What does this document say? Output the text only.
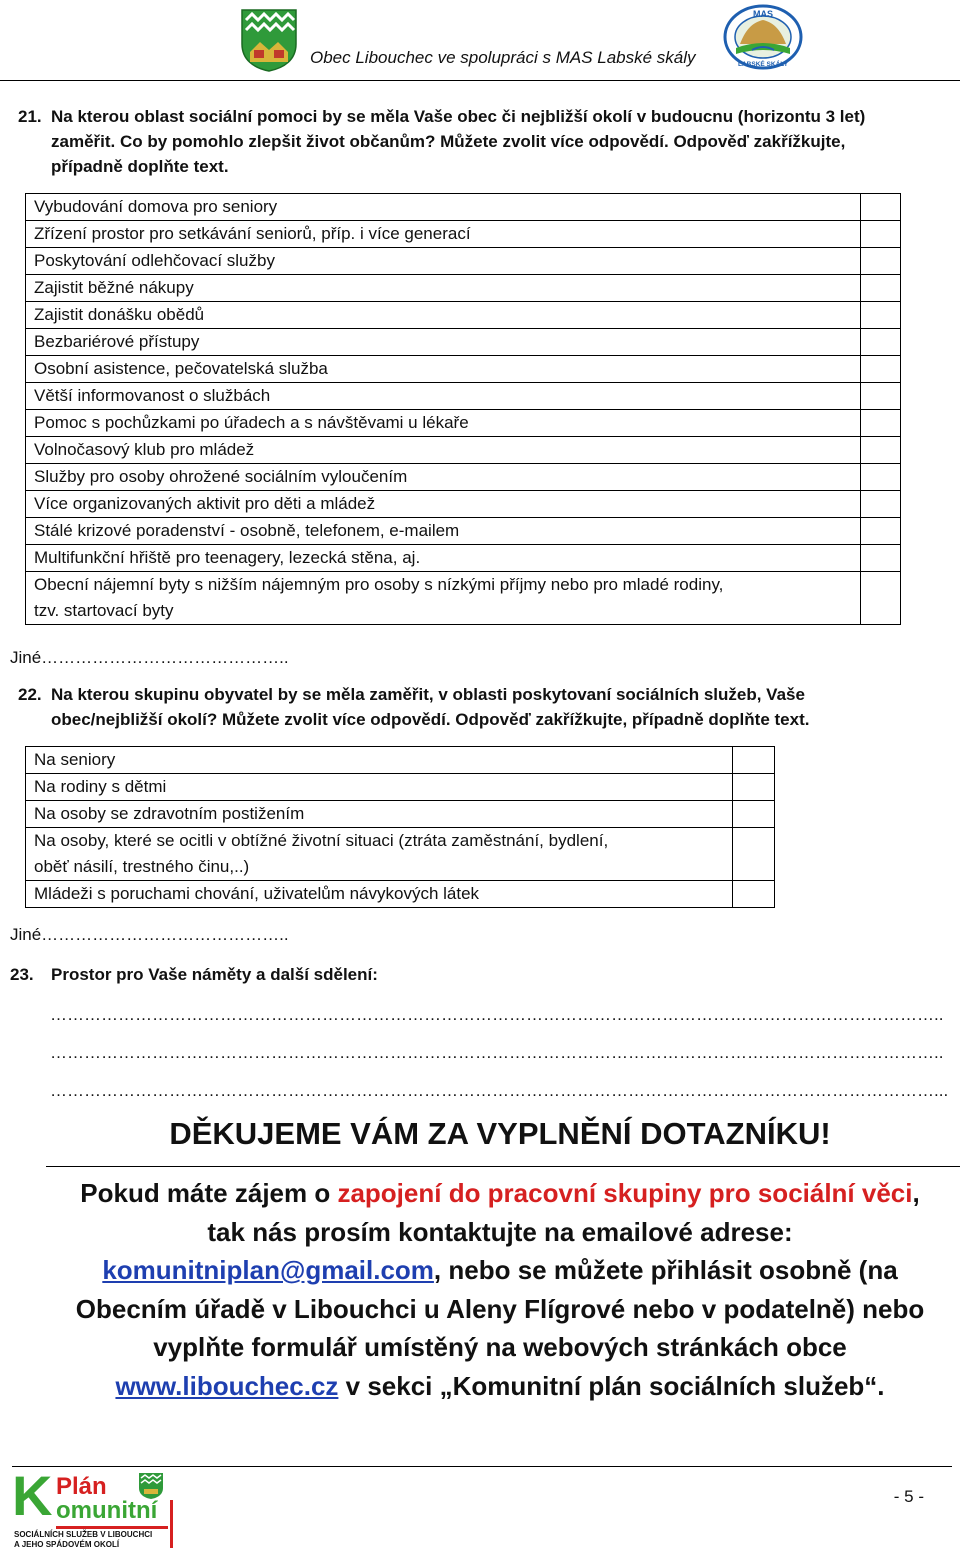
Obec Libouchec ve spolupráci s MAS Labské skály
MAS
LABSKÉ SKÁLY
21. Na kterou oblast sociální pomoci by se měla Vaše obec či nejbližší okolí v budoucnu (horizontu 3 let)
zaměřit. Co by pomohlo zlepšit život občanům? Můžete zvolit více odpovědí. Odpověď zakřížkujte,
případně doplňte text.
Vybudování domova pro seniory	
Zřízení prostor pro setkávání seniorů, příp. i více generací	
Poskytování odlehčovací služby	
Zajistit běžné nákupy	
Zajistit donášku obědů	
Bezbariérové přístupy	
Osobní asistence, pečovatelská služba	
Větší informovanost o službách	
Pomoc s pochůzkami po úřadech a s návštěvami u lékaře	
Volnočasový klub pro mládež	
Služby pro osoby ohrožené sociálním vyloučením	
Více organizovaných aktivit pro děti a mládež	
Stálé krizové poradenství - osobně, telefonem, e-mailem	
Multifunkční hřiště pro teenagery, lezecká stěna, aj.	

Obecní nájemní byty s nižším nájemným pro osoby s nízkými příjmy nebo pro mladé rodiny,
tzv. startovací byty	

Jiné……………………………………..
22. Na kterou skupinu obyvatel by se měla zaměřit, v oblasti poskytovaní sociálních služeb, Vaše
obec/nejbližší okolí? Můžete zvolit více odpovědí. Odpověď zakřížkujte, případně doplňte text.
Na seniory	
Na rodiny s dětmi	
Na osoby se zdravotním postižením	

Na osoby, které se ocitli v obtížné životní situaci (ztráta zaměstnání, bydlení,
oběť násilí, trestného činu,..)	

Mládeži s poruchami chování, uživatelům návykových látek	
Jiné……………………………………..
23. Prostor pro Vaše náměty a další sdělení:
…………………………………………………………………………………………………………………………………………..
…………………………………………………………………………………………………………………………………………..
…………………………………………………………………………………………………………………………………………...
DĚKUJEME VÁM ZA VYPLNĚNÍ DOTAZNÍKU!
Pokud máte zájem o zapojení do pracovní skupiny pro sociální věci,
tak nás prosím kontaktujte na emailové adrese:
komunitniplan@gmail.com, nebo se můžete přihlásit osobně (na
Obecním úřadě v Libouchci u Aleny Flígrové nebo v podatelně) nebo
vyplňte formulář umístěný na webových stránkách obce
www.libouchec.cz v sekci „Komunitní plán sociálních služeb“.
K Plán
omunitní
SOCIÁLNÍCH SLUŽEB V LIBOUCHCI
A JEHO SPÁDOVÉM OKOLÍ
- 5 -
